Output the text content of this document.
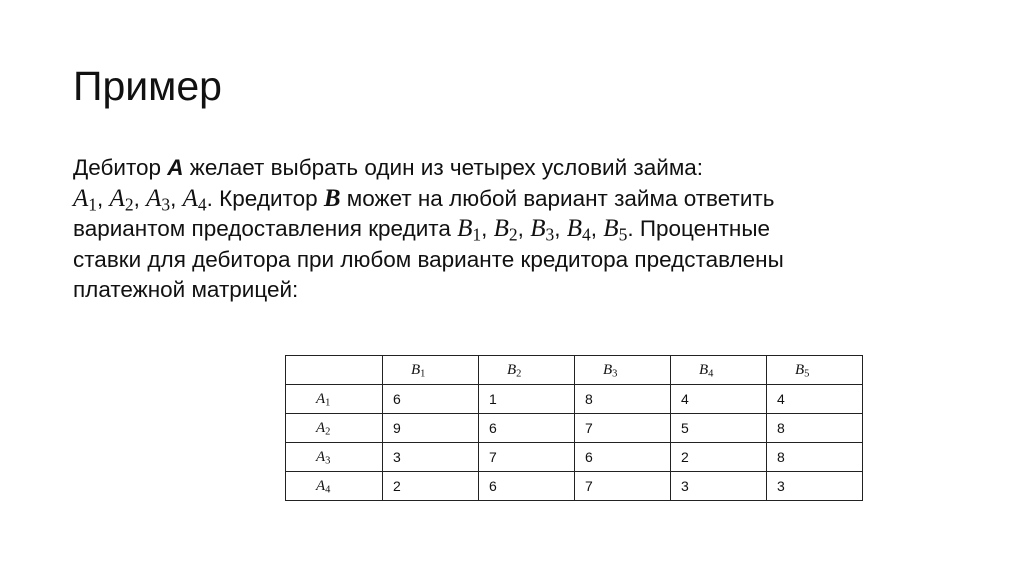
Пример
Дебитор A желает выбрать один из четырех условий займа:
$A_1$, $A_2$, $A_3$, $A_4$. Кредитор B может на любой вариант займа ответить
вариантом предоставления кредита $B_1$, $B_2$, $B_3$, $B_4$, $B_5$. Процентные
ставки для дебитора при любом варианте кредитора представлены
платежной матрицей:
	B1	B2	B3	B4	B5
A1	6	1	8	4	4
A2	9	6	7	5	8
A3	3	7	6	2	8
A4	2	6	7	3	3
